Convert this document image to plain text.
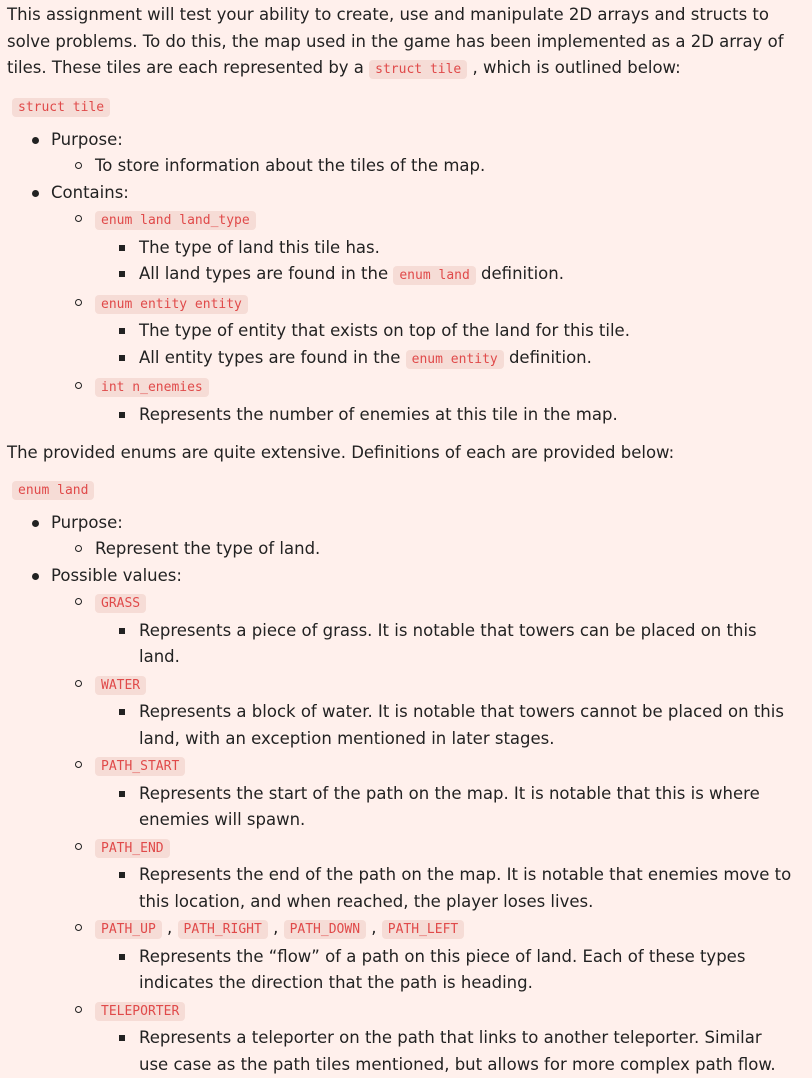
This assignment will test your ability to create, use and manipulate 2D arrays and structs to solve problems. To do this, the map used in the game has been implemented as a 2D array of tiles. These tiles are each represented by a struct tile , which is outlined below:

struct tile
Purpose:
To store information about the tiles of the map.
Contains:
enum land land_type
The type of land this tile has.
All land types are found in the enum land definition.
enum entity entity
The type of entity that exists on top of the land for this tile.
All entity types are found in the enum entity definition.
int n_enemies
Represents the number of enemies at this tile in the map.

The provided enums are quite extensive. Definitions of each are provided below:

enum land
Purpose:
Represent the type of land.
Possible values:
GRASS
Represents a piece of grass. It is notable that towers can be placed on this land.
WATER
Represents a block of water. It is notable that towers cannot be placed on this land, with an exception mentioned in later stages.
PATH_START
Represents the start of the path on the map. It is notable that this is where enemies will spawn.
PATH_END
Represents the end of the path on the map. It is notable that enemies move to this location, and when reached, the player loses lives.
PATH_UP , PATH_RIGHT , PATH_DOWN , PATH_LEFT
Represents the “flow” of a path on this piece of land. Each of these types indicates the direction that the path is heading.
TELEPORTER
Represents a teleporter on the path that links to another teleporter. Similar use case as the path tiles mentioned, but allows for more complex path flow.
